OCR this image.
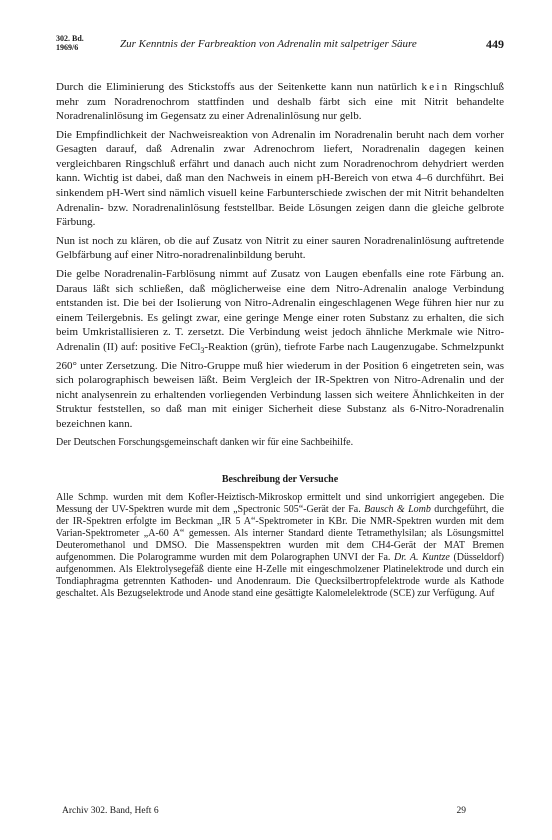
302. Bd.
1969/6	Zur Kenntnis der Farbreaktion von Adrenalin mit salpetriger Säure	449

Durch die Eliminierung des Stickstoffs aus der Seitenkette kann nun natürlich kein Ringschluß mehr zum Noradrenochrom stattfinden und deshalb färbt sich eine mit Nitrit behandelte Noradrenalinlösung im Gegensatz zu einer Adrenalinlösung nur gelb.

Die Empfindlichkeit der Nachweisreaktion von Adrenalin im Noradrenalin beruht nach dem vorher Gesagten darauf, daß Adrenalin zwar Adrenochrom liefert, Noradrenalin dagegen keinen vergleichbaren Ringschluß erfährt und danach auch nicht zum Noradrenochrom dehydriert werden kann. Wichtig ist dabei, daß man den Nachweis in einem pH-Bereich von etwa 4–6 durchführt. Bei sinkendem pH-Wert sind nämlich visuell keine Farbunterschiede zwischen der mit Nitrit behandelten Adrenalin- bzw. Noradrenalinlösung feststellbar. Beide Lösungen zeigen dann die gleiche gelbrote Färbung.

Nun ist noch zu klären, ob die auf Zusatz von Nitrit zu einer sauren Noradrenalinlösung auftretende Gelbfärbung auf einer Nitro-noradrenalinbildung beruht.

Die gelbe Noradrenalin-Farblösung nimmt auf Zusatz von Laugen ebenfalls eine rote Färbung an. Daraus läßt sich schließen, daß möglicherweise eine dem Nitro-Adrenalin analoge Verbindung entstanden ist. Die bei der Isolierung von Nitro-Adrenalin eingeschlagenen Wege führen hier nur zu einem Teilergebnis. Es gelingt zwar, eine geringe Menge einer roten Substanz zu erhalten, die sich beim Umkristallisieren z. T. zersetzt. Die Verbindung weist jedoch ähnliche Merkmale wie Nitro-Adrenalin (II) auf: positive FeCl$_3$-Reaktion (grün), tiefrote Farbe nach Laugenzugabe. Schmelzpunkt 260° unter Zersetzung. Die Nitro-Gruppe muß hier wiederum in der Position 6 eingetreten sein, was sich polarographisch beweisen läßt. Beim Vergleich der IR-Spektren von Nitro-Adrenalin und der nicht analysenrein zu erhaltenden vorliegenden Verbindung lassen sich weitere Ähnlichkeiten in der Struktur feststellen, so daß man mit einiger Sicherheit diese Substanz als 6-Nitro-Noradrenalin bezeichnen kann.

Der Deutschen Forschungsgemeinschaft danken wir für eine Sachbeihilfe.

Beschreibung der Versuche

Alle Schmp. wurden mit dem Kofler-Heiztisch-Mikroskop ermittelt und sind unkorrigiert angegeben. Die Messung der UV-Spektren wurde mit dem „Spectronic 505“-Gerät der Fa. Bausch & Lomb durchgeführt, die der IR-Spektren erfolgte im Beckman „IR 5 A“-Spektrometer in KBr. Die NMR-Spektren wurden mit dem Varian-Spektrometer „A-60 A“ gemessen. Als interner Standard diente Tetramethylsilan; als Lösungsmittel Deuteromethanol und DMSO. Die Massenspektren wurden mit dem CH4-Gerät der MAT Bremen aufgenommen. Die Polarogramme wurden mit dem Polarographen UNVI der Fa. Dr. A. Kuntze (Düsseldorf) aufgenommen. Als Elektrolysegefäß diente eine H-Zelle mit eingeschmolzener Platinelektrode und durch ein Tondiaphragma getrennten Kathoden- und Anodenraum. Die Quecksilbertropfelektrode wurde als Kathode geschaltet. Als Bezugselektrode und Anode stand eine gesättigte Kalomelelektrode (SCE) zur Verfügung. Auf

Archiv 302. Band, Heft 6	29
